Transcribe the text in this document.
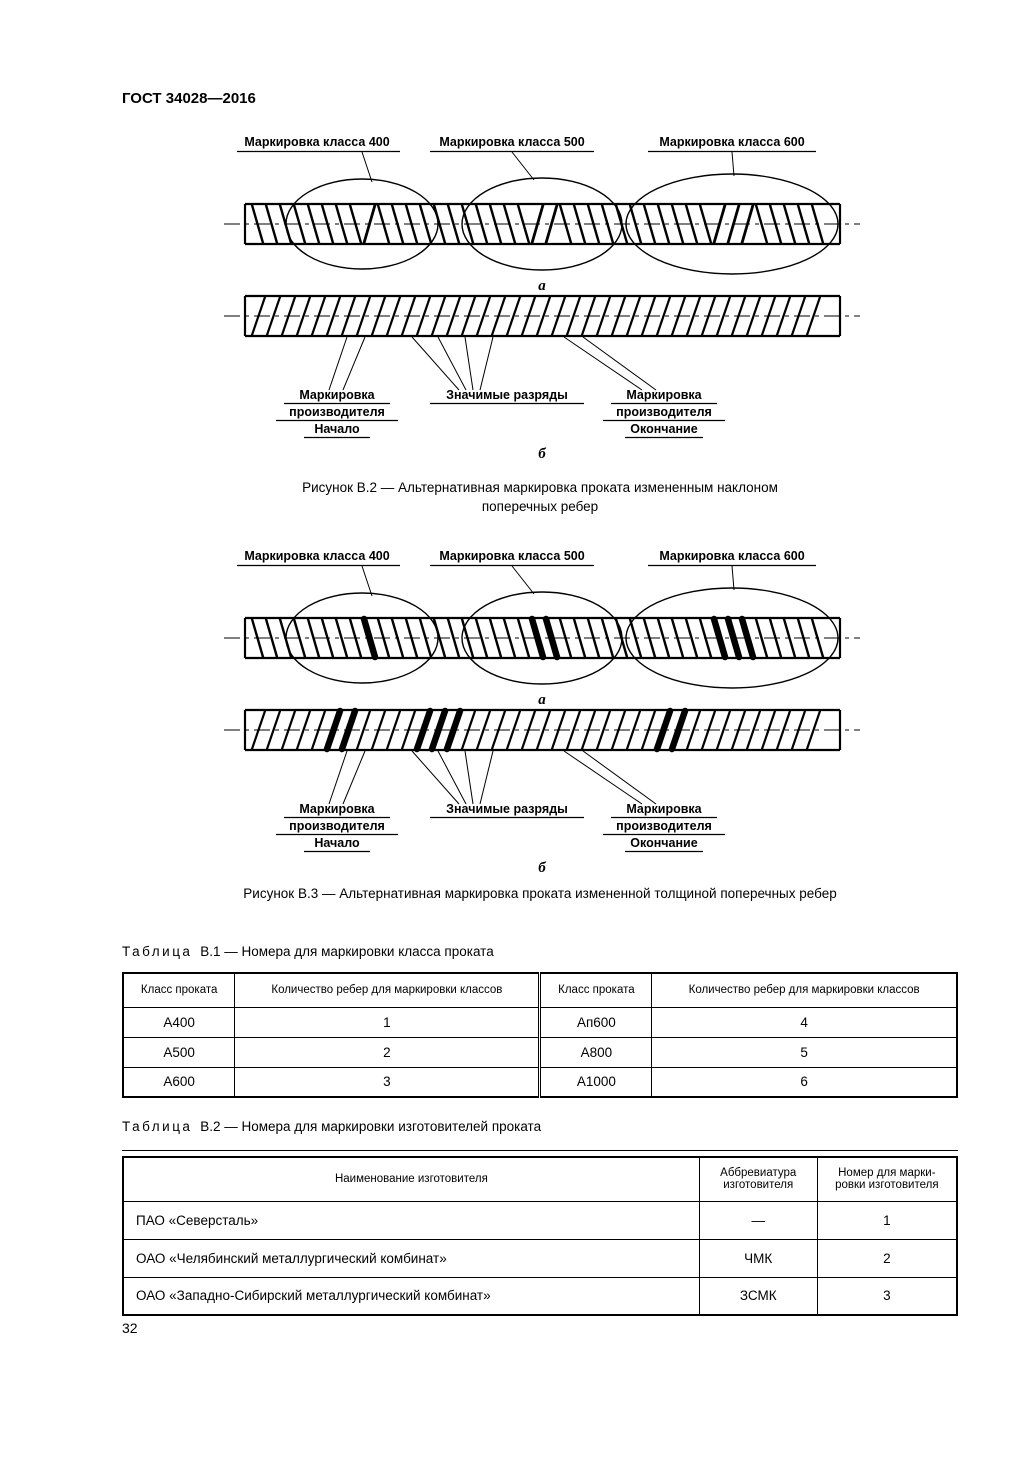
ГОСТ 34028—2016
Маркировка класса 400	Маркировка класса 500	Маркировка класса 600
а
Маркировка
производителя
Начало
Значимые разряды	Маркировка
производителя
Окончание
б
Рисунок В.2 — Альтернативная маркировка проката измененным наклоном
поперечных ребер
Маркировка класса 400	Маркировка класса 500	Маркировка класса 600
а
Маркировка
производителя
Начало
Значимые разряды	Маркировка
производителя
Окончание
б
Рисунок В.3 — Альтернативная маркировка проката измененной толщиной поперечных ребер
Таблица В.1 — Номера для маркировки класса проката
Класс проката	Количество ребер для маркировки классов	Класс проката	Количество ребер для маркировки классов
А400	1	Ап600	4
А500	2	А800	5
А600	3	А1000	6
Таблица В.2 — Номера для маркировки изготовителей проката
Наименование изготовителя	Аббревиатура изготовителя	Номер для марки-ровки изготовителя
ПАО «Северсталь»	—	1
ОАО «Челябинский металлургический комбинат»	ЧМК	2
ОАО «Западно-Сибирский металлургический комбинат»	ЗСМК	3
32
